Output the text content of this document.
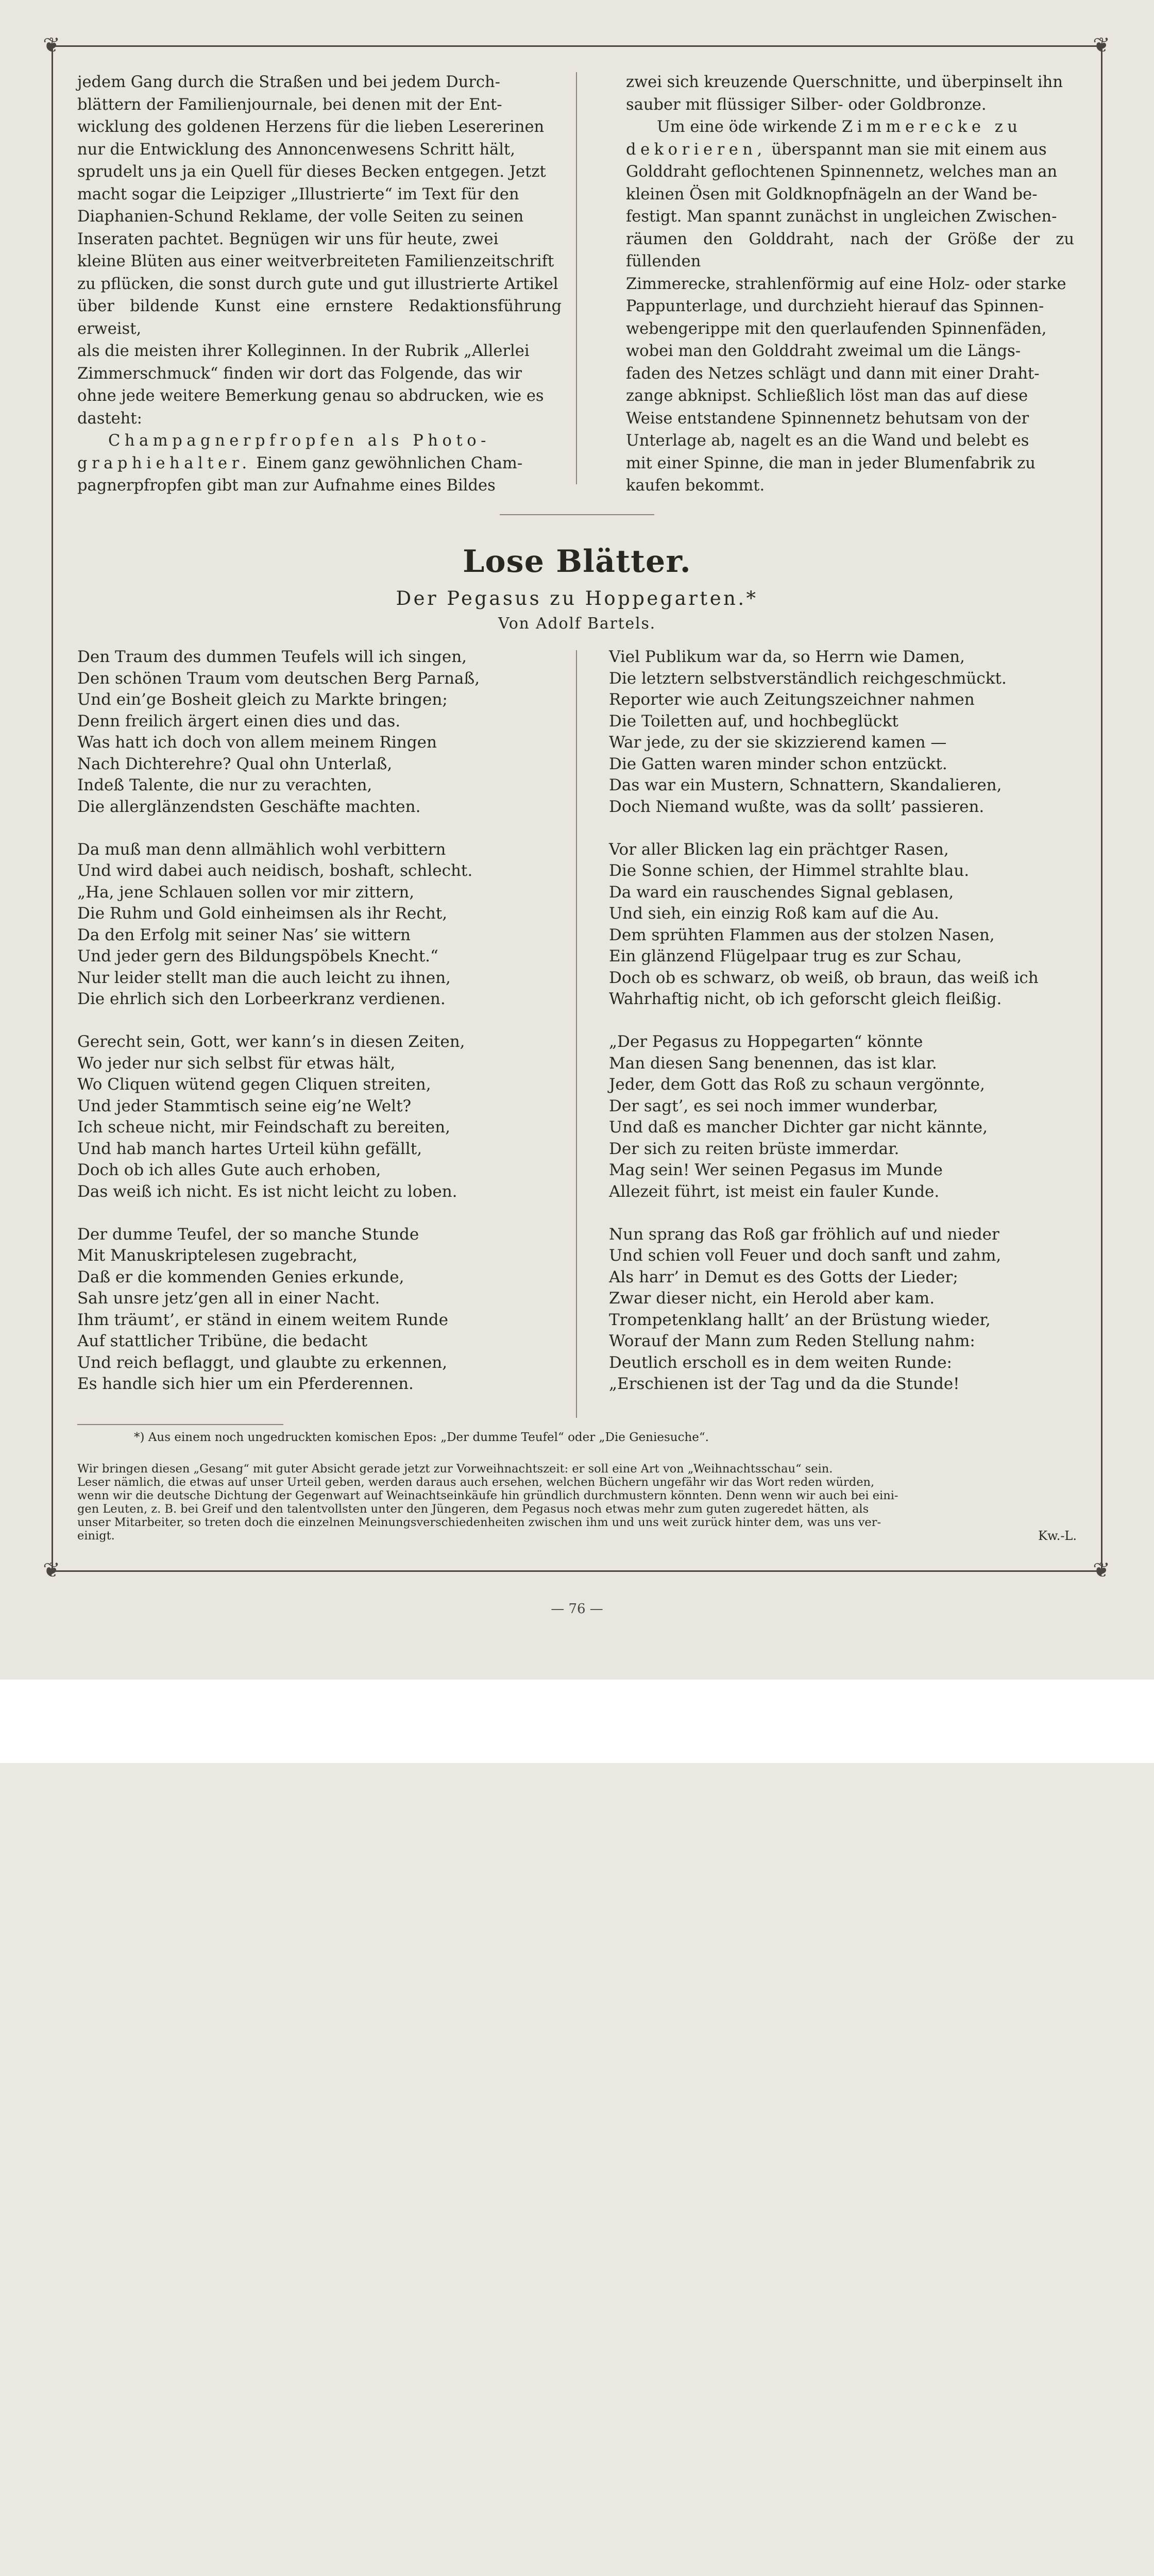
❦	❦
❦	❦

jedem Gang durch die Straßen und bei jedem Durch-

blättern der Familienjournale, bei denen mit der Ent-

wicklung des goldenen Herzens für die lieben Lesererinen

nur die Entwicklung des Annoncenwesens Schritt hält,

sprudelt uns ja ein Quell für dieses Becken entgegen. Jetzt

macht sogar die Leipziger „Illustrierte“ im Text für den

Diaphanien-Schund Reklame, der volle Seiten zu seinen

Inseraten pachtet. Begnügen wir uns für heute, zwei

kleine Blüten aus einer weitverbreiteten Familienzeitschrift

zu pflücken, die sonst durch gute und gut illustrierte Artikel

über bildende Kunst eine ernstere Redaktionsführung erweist,

als die meisten ihrer Kolleginnen. In der Rubrik „Allerlei

Zimmerschmuck“ finden wir dort das Folgende, das wir

ohne jede weitere Bemerkung genau so abdrucken, wie es

dasteht:

Champagnerpfropfen als Photo-

graphiehalter. Einem ganz gewöhnlichen Cham-

pagnerpfropfen gibt man zur Aufnahme eines Bildes

zwei sich kreuzende Querschnitte, und überpinselt ihn

sauber mit flüssiger Silber- oder Goldbronze.

Um eine öde wirkende Zimmerecke zu

dekorieren, überspannt man sie mit einem aus

Golddraht geflochtenen Spinnennetz, welches man an

kleinen Ösen mit Goldknopfnägeln an der Wand be-

festigt. Man spannt zunächst in ungleichen Zwischen-

räumen den Golddraht, nach der Größe der zu füllenden

Zimmerecke, strahlenförmig auf eine Holz- oder starke

Pappunterlage, und durchzieht hierauf das Spinnen-

webengerippe mit den querlaufenden Spinnenfäden,

wobei man den Golddraht zweimal um die Längs-

faden des Netzes schlägt und dann mit einer Draht-

zange abknipst. Schließlich löst man das auf diese

Weise entstandene Spinnennetz behutsam von der

Unterlage ab, nagelt es an die Wand und belebt es

mit einer Spinne, die man in jeder Blumenfabrik zu

kaufen bekommt.

Lose Blätter.
Der Pegasus zu Hoppegarten.*
Von Adolf Bartels.
Den Traum des dummen Teufels will ich singen,
Den schönen Traum vom deutschen Berg Parnaß,
Und ein’ge Bosheit gleich zu Markte bringen;
Denn freilich ärgert einen dies und das.
Was hatt ich doch von allem meinem Ringen
Nach Dichterehre? Qual ohn Unterlaß,
Indeß Talente, die nur zu verachten,
Die allerglänzendsten Geschäfte machten.
Da muß man denn allmählich wohl verbittern
Und wird dabei auch neidisch, boshaft, schlecht.
„Ha, jene Schlauen sollen vor mir zittern,
Die Ruhm und Gold einheimsen als ihr Recht,
Da den Erfolg mit seiner Nas’ sie wittern
Und jeder gern des Bildungspöbels Knecht.“
Nur leider stellt man die auch leicht zu ihnen,
Die ehrlich sich den Lorbeerkranz verdienen.
Gerecht sein, Gott, wer kann’s in diesen Zeiten,
Wo jeder nur sich selbst für etwas hält,
Wo Cliquen wütend gegen Cliquen streiten,
Und jeder Stammtisch seine eig’ne Welt?
Ich scheue nicht, mir Feindschaft zu bereiten,
Und hab manch hartes Urteil kühn gefällt,
Doch ob ich alles Gute auch erhoben,
Das weiß ich nicht. Es ist nicht leicht zu loben.
Der dumme Teufel, der so manche Stunde
Mit Manuskriptelesen zugebracht,
Daß er die kommenden Genies erkunde,
Sah unsre jetz’gen all in einer Nacht.
Ihm träumt’, er ständ in einem weitem Runde
Auf stattlicher Tribüne, die bedacht
Und reich beflaggt, und glaubte zu erkennen,
Es handle sich hier um ein Pferderennen.
Viel Publikum war da, so Herrn wie Damen,
Die letztern selbstverständlich reichgeschmückt.
Reporter wie auch Zeitungszeichner nahmen
Die Toiletten auf, und hochbeglückt
War jede, zu der sie skizzierend kamen —
Die Gatten waren minder schon entzückt.
Das war ein Mustern, Schnattern, Skandalieren,
Doch Niemand wußte, was da sollt’ passieren.
Vor aller Blicken lag ein prächtger Rasen,
Die Sonne schien, der Himmel strahlte blau.
Da ward ein rauschendes Signal geblasen,
Und sieh, ein einzig Roß kam auf die Au.
Dem sprühten Flammen aus der stolzen Nasen,
Ein glänzend Flügelpaar trug es zur Schau,
Doch ob es schwarz, ob weiß, ob braun, das weiß ich
Wahrhaftig nicht, ob ich geforscht gleich fleißig.
„Der Pegasus zu Hoppegarten“ könnte
Man diesen Sang benennen, das ist klar.
Jeder, dem Gott das Roß zu schaun vergönnte,
Der sagt’, es sei noch immer wunderbar,
Und daß es mancher Dichter gar nicht kännte,
Der sich zu reiten brüste immerdar.
Mag sein! Wer seinen Pegasus im Munde
Allezeit führt, ist meist ein fauler Kunde.
Nun sprang das Roß gar fröhlich auf und nieder
Und schien voll Feuer und doch sanft und zahm,
Als harr’ in Demut es des Gotts der Lieder;
Zwar dieser nicht, ein Herold aber kam.
Trompetenklang hallt’ an der Brüstung wieder,
Worauf der Mann zum Reden Stellung nahm:
Deutlich erscholl es in dem weiten Runde:
„Erschienen ist der Tag und da die Stunde!
*) Aus einem noch ungedruckten komischen Epos: „Der dumme Teufel“ oder „Die Geniesuche“.
Wir bringen diesen „Gesang“ mit guter Absicht gerade jetzt zur Vorweihnachtszeit: er soll eine Art von „Weihnachtsschau“ sein.
Leser nämlich, die etwas auf unser Urteil geben, werden daraus auch ersehen, welchen Büchern ungefähr wir das Wort reden würden,
wenn wir die deutsche Dichtung der Gegenwart auf Weinachtseinkäufe hin gründlich durchmustern könnten. Denn wenn wir auch bei eini-
gen Leuten, z. B. bei Greif und den talentvollsten unter den Jüngeren, dem Pegasus noch etwas mehr zum guten zugeredet hätten, als
unser Mitarbeiter, so treten doch die einzelnen Meinungsverschiedenheiten zwischen ihm und uns weit zurück hinter dem, was uns ver-
einigt.	Kw.-L.
— 76 —
